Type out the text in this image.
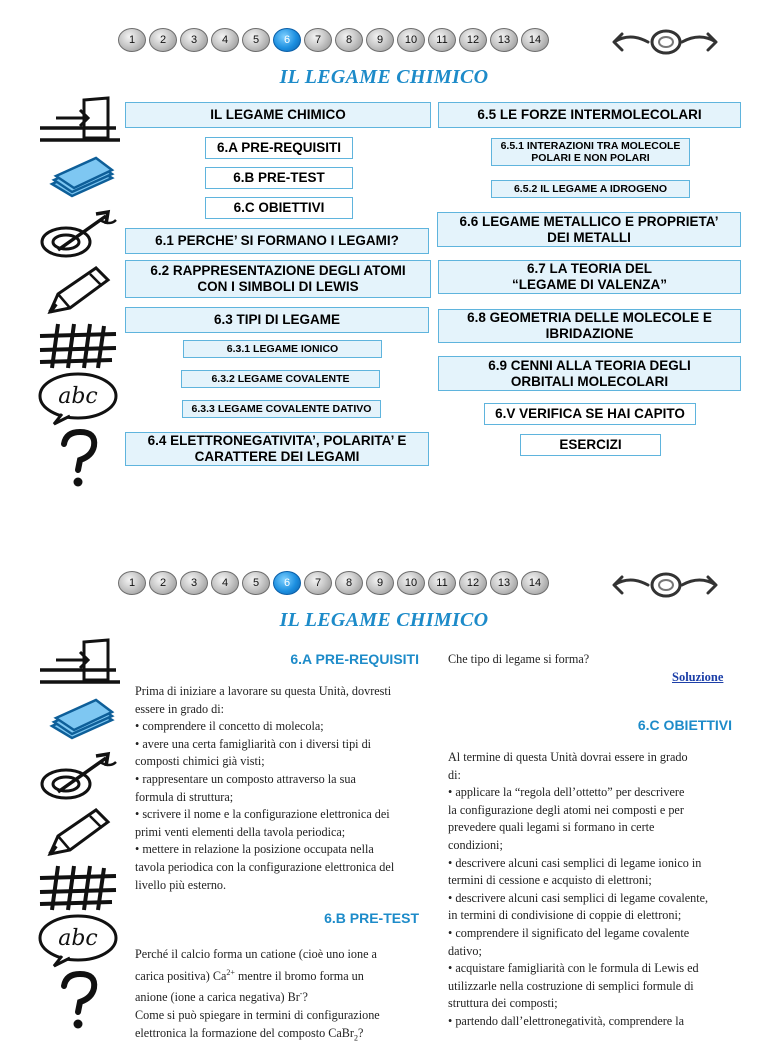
1	2	3	4	5	6	7	8	9	10	11	12	13	14
IL LEGAME CHIMICO
abc
IL LEGAME CHIMICO
6.A PRE-REQUISITI
6.B PRE-TEST
6.C OBIETTIVI
6.1 PERCHE’ SI FORMANO I LEGAMI?
6.2 RAPPRESENTAZIONE DEGLI ATOMI
CON I SIMBOLI DI LEWIS
6.3 TIPI DI LEGAME
6.3.1 LEGAME IONICO
6.3.2 LEGAME COVALENTE
6.3.3 LEGAME COVALENTE DATIVO
6.4 ELETTRONEGATIVITA’, POLARITA’ E
CARATTERE DEI LEGAMI
6.5 LE FORZE INTERMOLECOLARI
6.5.1 INTERAZIONI TRA MOLECOLE
POLARI E NON POLARI
6.5.2 IL LEGAME A IDROGENO
6.6 LEGAME METALLICO E PROPRIETA’
DEI METALLI
6.7 LA TEORIA DEL
“LEGAME DI VALENZA”
6.8 GEOMETRIA DELLE MOLECOLE E
IBRIDAZIONE
6.9 CENNI ALLA TEORIA DEGLI
ORBITALI MOLECOLARI
6.V VERIFICA SE HAI CAPITO
ESERCIZI
1	2	3	4	5	6	7	8	9	10	11	12	13	14
IL LEGAME CHIMICO
abc
6.A PRE-REQUISITI

Prima di iniziare a lavorare su questa Unità, dovresti

essere in grado di:

• comprendere il concetto di molecola;

• avere una certa famigliarità con i diversi tipi di

composti chimici già visti;

• rappresentare un composto attraverso la sua

formula di struttura;

• scrivere il nome e la configurazione elettronica dei

primi venti elementi della tavola periodica;

• mettere in relazione la posizione occupata nella

tavola periodica con la configurazione elettronica del

livello più esterno.

6.B PRE-TEST

Perché il calcio forma un catione (cioè uno ione a

carica positiva) $Ca^{2+}$ mentre il bromo forma un

anione (ione a carica negativa) Br-?

Come si può spiegare in termini di configurazione

elettronica la formazione del composto CaBr$_2$?

Che tipo di legame si forma?
Soluzione
6.C OBIETTIVI

Al termine di questa Unità dovrai essere in grado

di:

• applicare la “regola dell’ottetto” per descrivere

la configurazione degli atomi nei composti e per

prevedere quali legami si formano in certe

condizioni;

• descrivere alcuni casi semplici di legame ionico in

termini di cessione e acquisto di elettroni;

• descrivere alcuni casi semplici di legame covalente,

in termini di condivisione di coppie di elettroni;

• comprendere il significato del legame covalente

dativo;

• acquistare famigliarità con le formula di Lewis ed

utilizzarle nella costruzione di semplici formule di

struttura dei composti;

• partendo dall’elettronegatività, comprendere la
